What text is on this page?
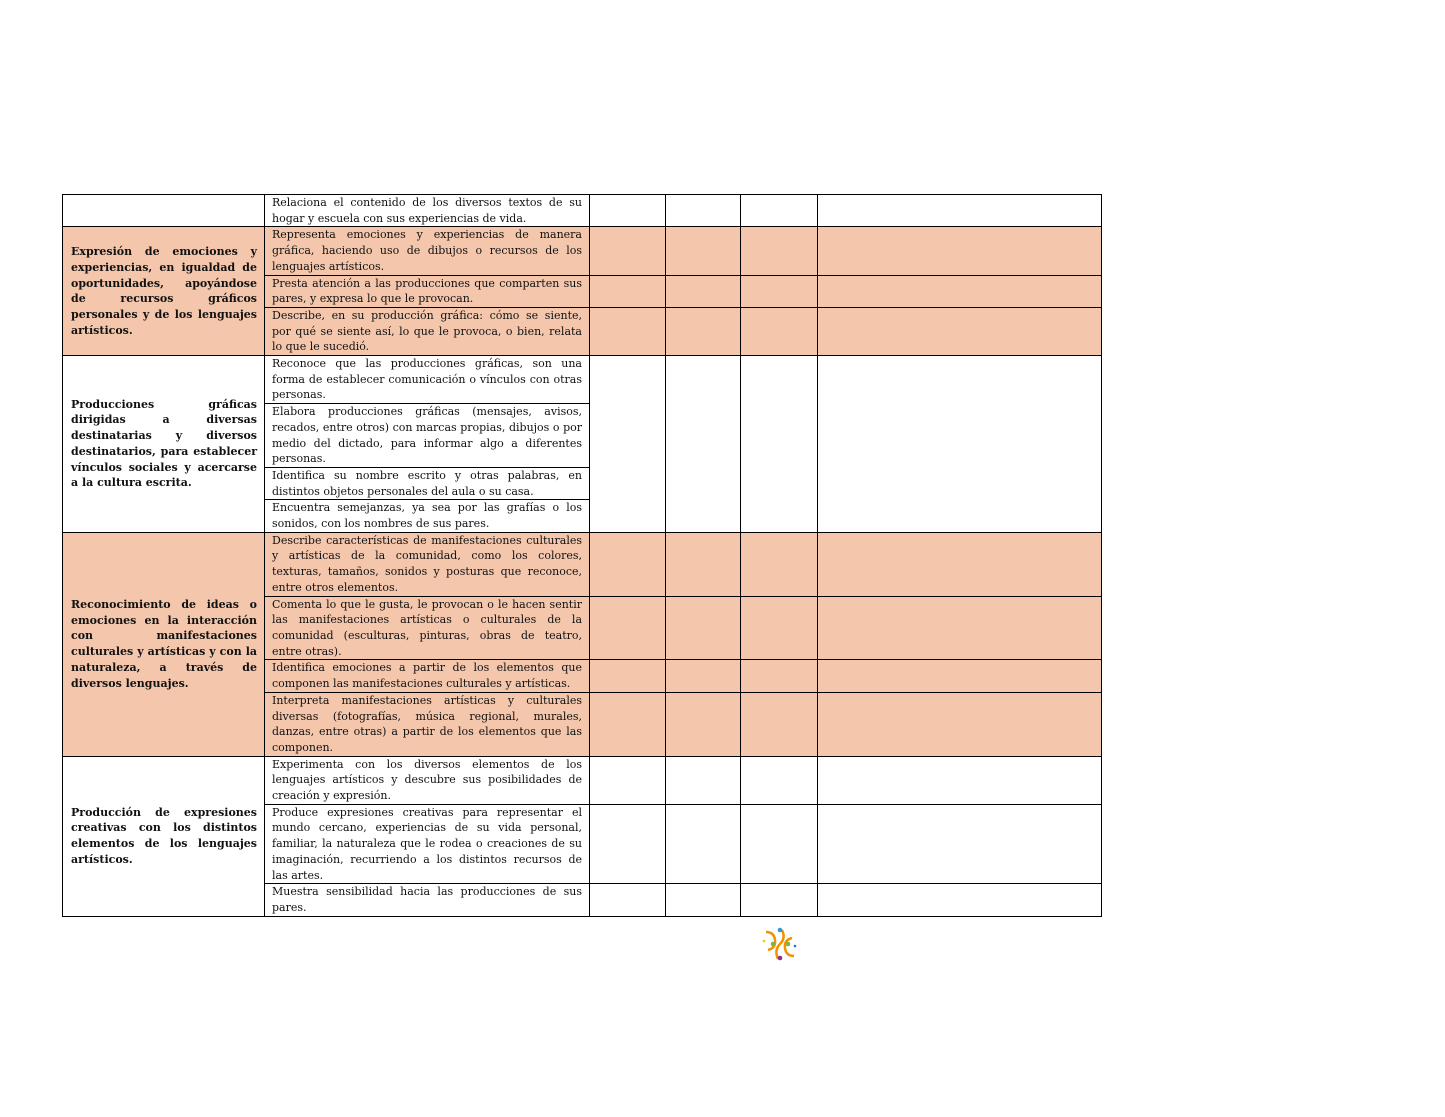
	Relaciona el contenido de los diversos textos de su hogar y escuela con sus experiencias de vida.				
Expresión de emociones y experiencias, en igualdad de oportunidades, apoyándose de recursos gráficos personales y de los lenguajes artísticos.	Representa emociones y experiencias de manera gráfica, haciendo uso de dibujos o recursos de los lenguajes artísticos.				
	Presta atención a las producciones que comparten sus pares, y expresa lo que le provocan.				
	Describe, en su producción gráfica: cómo se siente, por qué se siente así, lo que le provoca, o bien, relata lo que le sucedió.				
Producciones gráficas dirigidas a diversas destinatarias y diversos destinatarios, para establecer vínculos sociales y acercarse a la cultura escrita.	Reconoce que las producciones gráficas, son una forma de establecer comunicación o vínculos con otras personas.				
	Elabora producciones gráficas (mensajes, avisos, recados, entre otros) con marcas propias, dibujos o por medio del dictado, para informar algo a diferentes personas.				
	Identifica su nombre escrito y otras palabras, en distintos objetos personales del aula o su casa.				
	Encuentra semejanzas, ya sea por las grafías o los sonidos, con los nombres de sus pares.				
Reconocimiento de ideas o emociones en la interacción con manifestaciones culturales y artísticas y con la naturaleza, a través de diversos lenguajes.	Describe características de manifestaciones culturales y artísticas de la comunidad, como los colores, texturas, tamaños, sonidos y posturas que reconoce, entre otros elementos.				
	Comenta lo que le gusta, le provocan o le hacen sentir las manifestaciones artísticas o culturales de la comunidad (esculturas, pinturas, obras de teatro, entre otras).				
	Identifica emociones a partir de los elementos que componen las manifestaciones culturales y artísticas.				
	Interpreta manifestaciones artísticas y culturales diversas (fotografías, música regional, murales, danzas, entre otras) a partir de los elementos que las componen.				
Producción de expresiones creativas con los distintos elementos de los lenguajes artísticos.	Experimenta con los diversos elementos de los lenguajes artísticos y descubre sus posibilidades de creación y expresión.				
	Produce expresiones creativas para representar el mundo cercano, experiencias de su vida personal, familiar, la naturaleza que le rodea o creaciones de su imaginación, recurriendo a los distintos recursos de las artes.				
	Muestra sensibilidad hacia las producciones de sus pares.				
